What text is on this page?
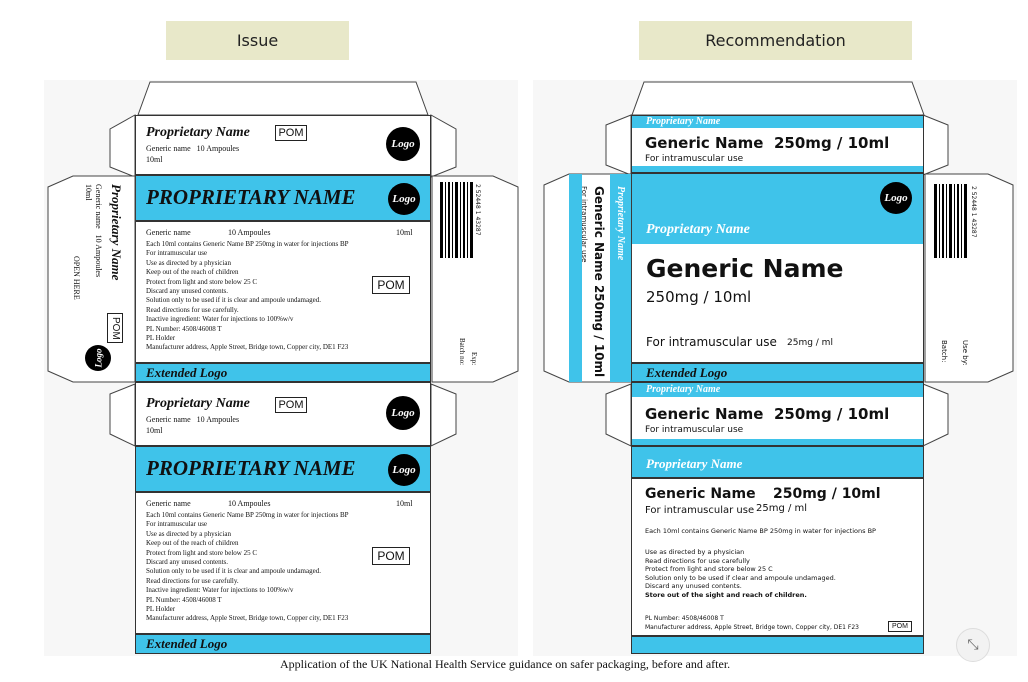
Issue	Recommendation
Proprietary Name	POM
Generic name   10 Ampoules
10ml
Logo
PROPRIETARY NAME	Logo
Generic name	10 Ampoules	10ml
Each 10ml contains Generic Name BP 250mg in water for injections BP
For intramuscular use
Use as directed by a physician
Keep out of the reach of children
Protect from light and store below 25 C
Discard any unused contents.
Solution only to be used if it is clear and ampoule undamaged.
Read directions for use carefully.
Inactive ingredient: Water for injections to 100%w/v
PL Number: 4508/46008 T
PL Holder
Manufacturer address, Apple Street, Bridge town, Copper city, DE1 F23
POM
Extended Logo
Proprietary Name
Generic name   10 Ampoules
10ml
OPEN HERE
POM
Logo
2 52448 1 43287
Batch no: Exp:
Proprietary Name	POM
Generic name   10 Ampoules
10ml
Logo
PROPRIETARY NAME	Logo
Generic name	10 Ampoules	10ml
Each 10ml contains Generic Name BP 250mg in water for injections BP
For intramuscular use
Use as directed by a physician
Keep out of the reach of children
Protect from light and store below 25 C
Discard any unused contents.
Solution only to be used if it is clear and ampoule undamaged.
Read directions for use carefully.
Inactive ingredient: Water for injections to 100%w/v
PL Number: 4508/46008 T
PL Holder
Manufacturer address, Apple Street, Bridge town, Copper city, DE1 F23
POM
Extended Logo
Proprietary Name
Generic Name 250mg / 10ml
For intramuscular use
Logo
Proprietary Name
Generic Name
250mg / 10ml
For intramuscular use 25mg / ml
Extended Logo
Proprietary Name
Generic Name 250mg / 10ml
For intramuscular use	2 52448 1 43287
Batch: Use by:
Proprietary Name
Generic Name 250mg / 10ml
For intramuscular use
Proprietary Name
Generic Name 250mg / 10ml
For intramuscular use 25mg / ml
Each 10ml contains Generic Name BP 250mg in water for injections BP
Use as directed by a physician
Read directions for use carefully
Protect from light and store below 25 C
Solution only to be used if clear and ampoule undamaged.
Discard any unused contents.
Store out of the sight and reach of children.
PL Number: 4508/46008 T
Manufacturer address, Apple Street, Bridge town, Copper city, DE1 F23	POM
Application of the UK National Health Service guidance on safer packaging, before and after.
⤡
